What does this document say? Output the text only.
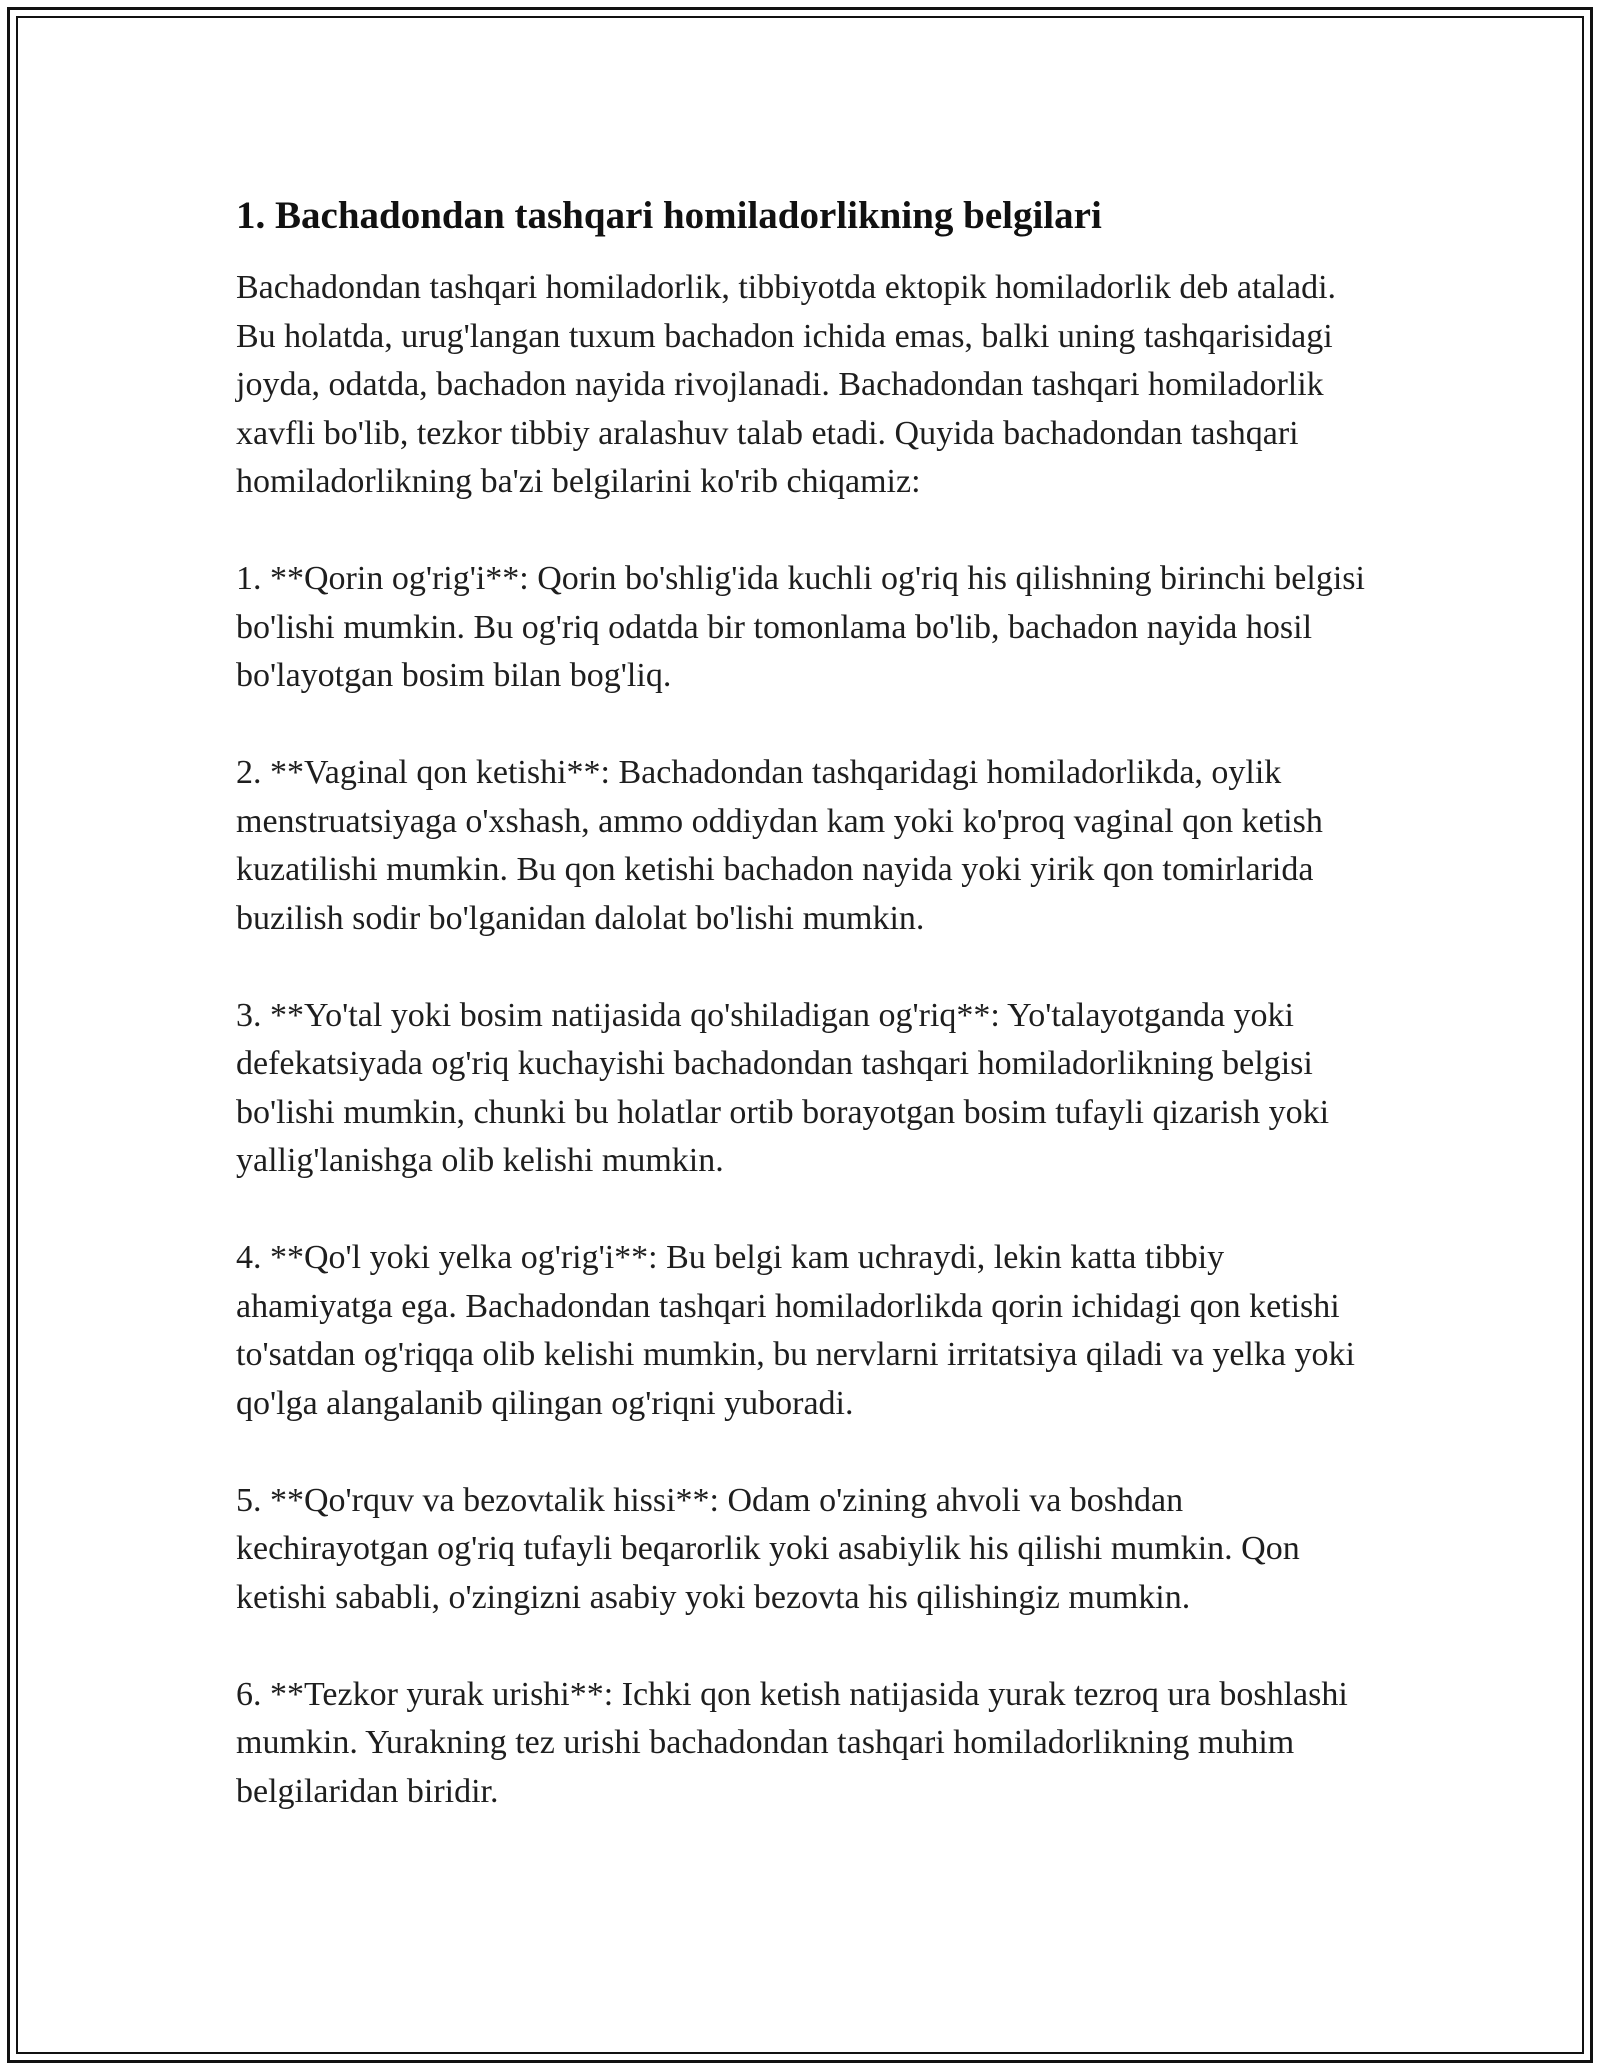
1. Bachadondan tashqari homiladorlikning belgilari

Bachadondan tashqari homiladorlik, tibbiyotda ektopik homiladorlik deb ataladi. Bu holatda, urug'langan tuxum bachadon ichida emas, balki uning tashqarisidagi joyda, odatda, bachadon nayida rivojlanadi. Bachadondan tashqari homiladorlik xavfli bo'lib, tezkor tibbiy aralashuv talab etadi. Quyida bachadondan tashqari homiladorlikning ba'zi belgilarini ko'rib chiqamiz:

1. **Qorin og'rig'i**: Qorin bo'shlig'ida kuchli og'riq his qilishning birinchi belgisi bo'lishi mumkin. Bu og'riq odatda bir tomonlama bo'lib, bachadon nayida hosil bo'layotgan bosim bilan bog'liq.

2. **Vaginal qon ketishi**: Bachadondan tashqaridagi homiladorlikda, oylik menstruatsiyaga o'xshash, ammo oddiydan kam yoki ko'proq vaginal qon ketish kuzatilishi mumkin. Bu qon ketishi bachadon nayida yoki yirik qon tomirlarida buzilish sodir bo'lganidan dalolat bo'lishi mumkin.

3. **Yo'tal yoki bosim natijasida qo'shiladigan og'riq**: Yo'talayotganda yoki defekatsiyada og'riq kuchayishi bachadondan tashqari homiladorlikning belgisi bo'lishi mumkin, chunki bu holatlar ortib borayotgan bosim tufayli qizarish yoki yallig'lanishga olib kelishi mumkin.

4. **Qo'l yoki yelka og'rig'i**: Bu belgi kam uchraydi, lekin katta tibbiy ahamiyatga ega. Bachadondan tashqari homiladorlikda qorin ichidagi qon ketishi to'satdan og'riqqa olib kelishi mumkin, bu nervlarni irritatsiya qiladi va yelka yoki qo'lga alangalanib qilingan og'riqni yuboradi.

5. **Qo'rquv va bezovtalik hissi**: Odam o'zining ahvoli va boshdan kechirayotgan og'riq tufayli beqarorlik yoki asabiylik his qilishi mumkin. Qon ketishi sababli, o'zingizni asabiy yoki bezovta his qilishingiz mumkin.

6. **Tezkor yurak urishi**: Ichki qon ketish natijasida yurak tezroq ura boshlashi mumkin. Yurakning tez urishi bachadondan tashqari homiladorlikning muhim belgilaridan biridir.
